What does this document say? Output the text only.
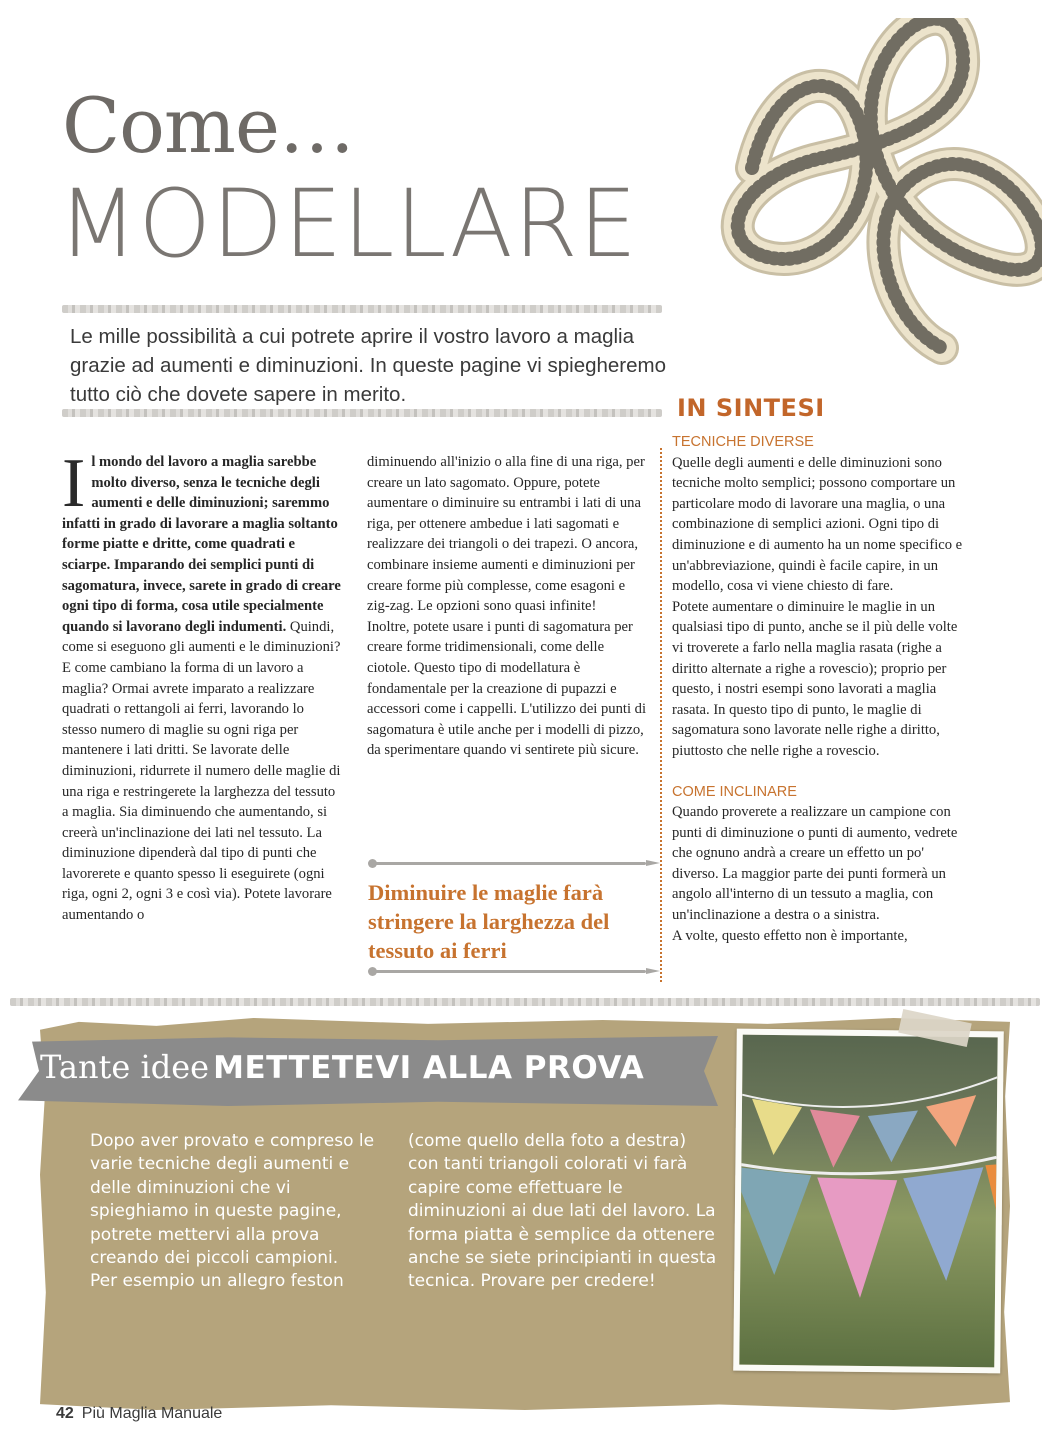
Come…
MODELLARE
Le mille possibilità a cui potrete aprire il vostro lavoro a maglia grazie ad aumenti e diminuzioni. In queste pagine vi spiegheremo tutto ciò che dovete sapere in merito.
Il mondo del lavoro a maglia sarebbe molto diverso, senza le tecniche degli aumenti e delle diminuzioni; saremmo infatti in grado di lavorare a maglia soltanto forme piatte e dritte, come quadrati e sciarpe. Imparando dei semplici punti di sagomatura, invece, sarete in grado di creare ogni tipo di forma, cosa utile specialmente quando si lavorano degli indumenti. Quindi, come si eseguono gli aumenti e le diminuzioni? E come cambiano la forma di un lavoro a maglia? Ormai avrete imparato a realizzare quadrati o rettangoli ai ferri, lavorando lo stesso numero di maglie su ogni riga per mantenere i lati dritti. Se lavorate delle diminuzioni, ridurrete il numero delle maglie di una riga e restringerete la larghezza del tessuto a maglia. Sia diminuendo che aumentando, si creerà un'inclinazione dei lati nel tessuto. La diminuzione dipenderà dal tipo di punti che lavorerete e quanto spesso li eseguirete (ogni riga, ogni 2, ogni 3 e così via). Potete lavorare aumentando o
diminuendo all'inizio o alla fine di una riga, per creare un lato sagomato. Oppure, potete aumentare o diminuire su entrambi i lati di una riga, per ottenere ambedue i lati sagomati e realizzare dei triangoli o dei trapezi. O ancora, combinare insieme aumenti e diminuzioni per creare forme più complesse, come esagoni e zig-zag. Le opzioni sono quasi infinite!
Inoltre, potete usare i punti di sagomatura per creare forme tridimensionali, come delle ciotole. Questo tipo di modellatura è fondamentale per la creazione di pupazzi e accessori come i cappelli. L'utilizzo dei punti di sagomatura è utile anche per i modelli di pizzo, da sperimentare quando vi sentirete più sicure.
Diminuire le maglie farà stringere la larghezza del tessuto ai ferri
IN SINTESI
TECNICHE DIVERSE
Quelle degli aumenti e delle diminuzioni sono tecniche molto semplici; possono comportare un particolare modo di lavorare una maglia, o una combinazione di semplici azioni. Ogni tipo di diminuzione e di aumento ha un nome specifico e un'abbreviazione, quindi è facile capire, in un modello, cosa vi viene chiesto di fare.
Potete aumentare o diminuire le maglie in un qualsiasi tipo di punto, anche se il più delle volte vi troverete a farlo nella maglia rasata (righe a diritto alternate a righe a rovescio); proprio per questo, i nostri esempi sono lavorati a maglia rasata. In questo tipo di punto, le maglie di sagomatura sono lavorate nelle righe a diritto, piuttosto che nelle righe a rovescio.
COME INCLINARE
Quando proverete a realizzare un campione con punti di diminuzione o punti di aumento, vedrete che ognuno andrà a creare un effetto un po' diverso. La maggior parte dei punti formerà un angolo all'interno di un tessuto a maglia, con un'inclinazione a destra o a sinistra.
A volte, questo effetto non è importante,
Tante idee METTETEVI ALLA PROVA
Dopo aver provato e compreso le varie tecniche degli aumenti e delle diminuzioni che vi spieghiamo in queste pagine, potrete mettervi alla prova creando dei piccoli campioni.
Per esempio un allegro feston
(come quello della foto a destra) con tanti triangoli colorati vi farà capire come effettuare le diminuzioni ai due lati del lavoro. La forma piatta è semplice da ottenere anche se siete principianti in questa tecnica. Provare per credere!
42 Più Maglia Manuale
